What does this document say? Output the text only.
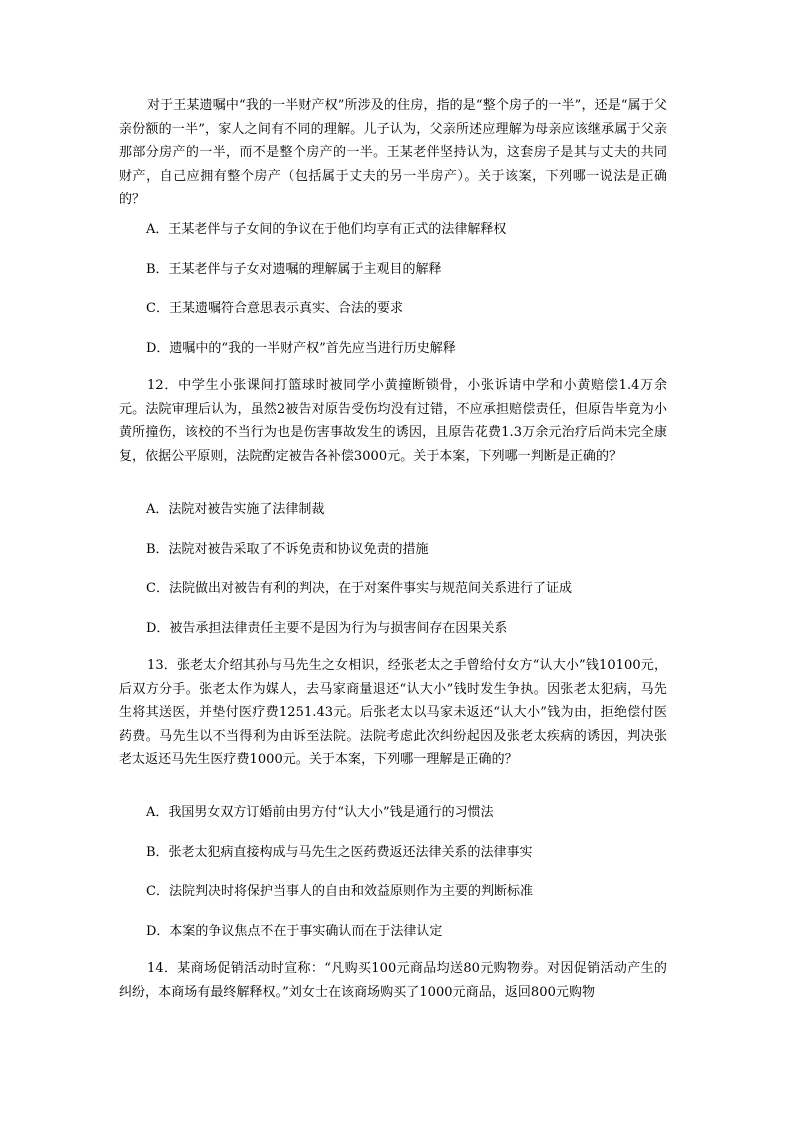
对于王某遗嘱中“我的一半财产权”所涉及的住房，指的是“整个房子的一半”，还是“属于父亲份额的一半”，家人之间有不同的理解。儿子认为，父亲所述应理解为母亲应该继承属于父亲那部分房产的一半，而不是整个房产的一半。王某老伴坚持认为，这套房子是其与丈夫的共同财产，自己应拥有整个房产（包括属于丈夫的另一半房产）。关于该案，下列哪一说法是正确的？

A．王某老伴与子女间的争议在于他们均享有正式的法律解释权

B．王某老伴与子女对遗嘱的理解属于主观目的解释

C．王某遗嘱符合意思表示真实、合法的要求

D．遗嘱中的“我的一半财产权”首先应当进行历史解释

12．中学生小张课间打篮球时被同学小黄撞断锁骨，小张诉请中学和小黄赔偿1.4万余元。法院审理后认为，虽然2被告对原告受伤均没有过错，不应承担赔偿责任，但原告毕竟为小黄所撞伤，该校的不当行为也是伤害事故发生的诱因，且原告花费1.3万余元治疗后尚未完全康复，依据公平原则，法院酌定被告各补偿3000元。关于本案，下列哪一判断是正确的？

A．法院对被告实施了法律制裁

B．法院对被告采取了不诉免责和协议免责的措施

C．法院做出对被告有利的判决，在于对案件事实与规范间关系进行了证成

D．被告承担法律责任主要不是因为行为与损害间存在因果关系

13．张老太介绍其孙与马先生之女相识，经张老太之手曾给付女方“认大小”钱10100元，后双方分手。张老太作为媒人，去马家商量退还“认大小”钱时发生争执。因张老太犯病，马先生将其送医，并垫付医疗费1251.43元。后张老太以马家未返还“认大小”钱为由，拒绝偿付医药费。马先生以不当得利为由诉至法院。法院考虑此次纠纷起因及张老太疾病的诱因，判决张老太返还马先生医疗费1000元。关于本案，下列哪一理解是正确的？

A．我国男女双方订婚前由男方付“认大小”钱是通行的习惯法

B．张老太犯病直接构成与马先生之医药费返还法律关系的法律事实

C．法院判决时将保护当事人的自由和效益原则作为主要的判断标准

D．本案的争议焦点不在于事实确认而在于法律认定

14．某商场促销活动时宣称：“凡购买100元商品均送80元购物券。对因促销活动产生的纠纷，本商场有最终解释权。”刘女士在该商场购买了1000元商品，返回800元购物
